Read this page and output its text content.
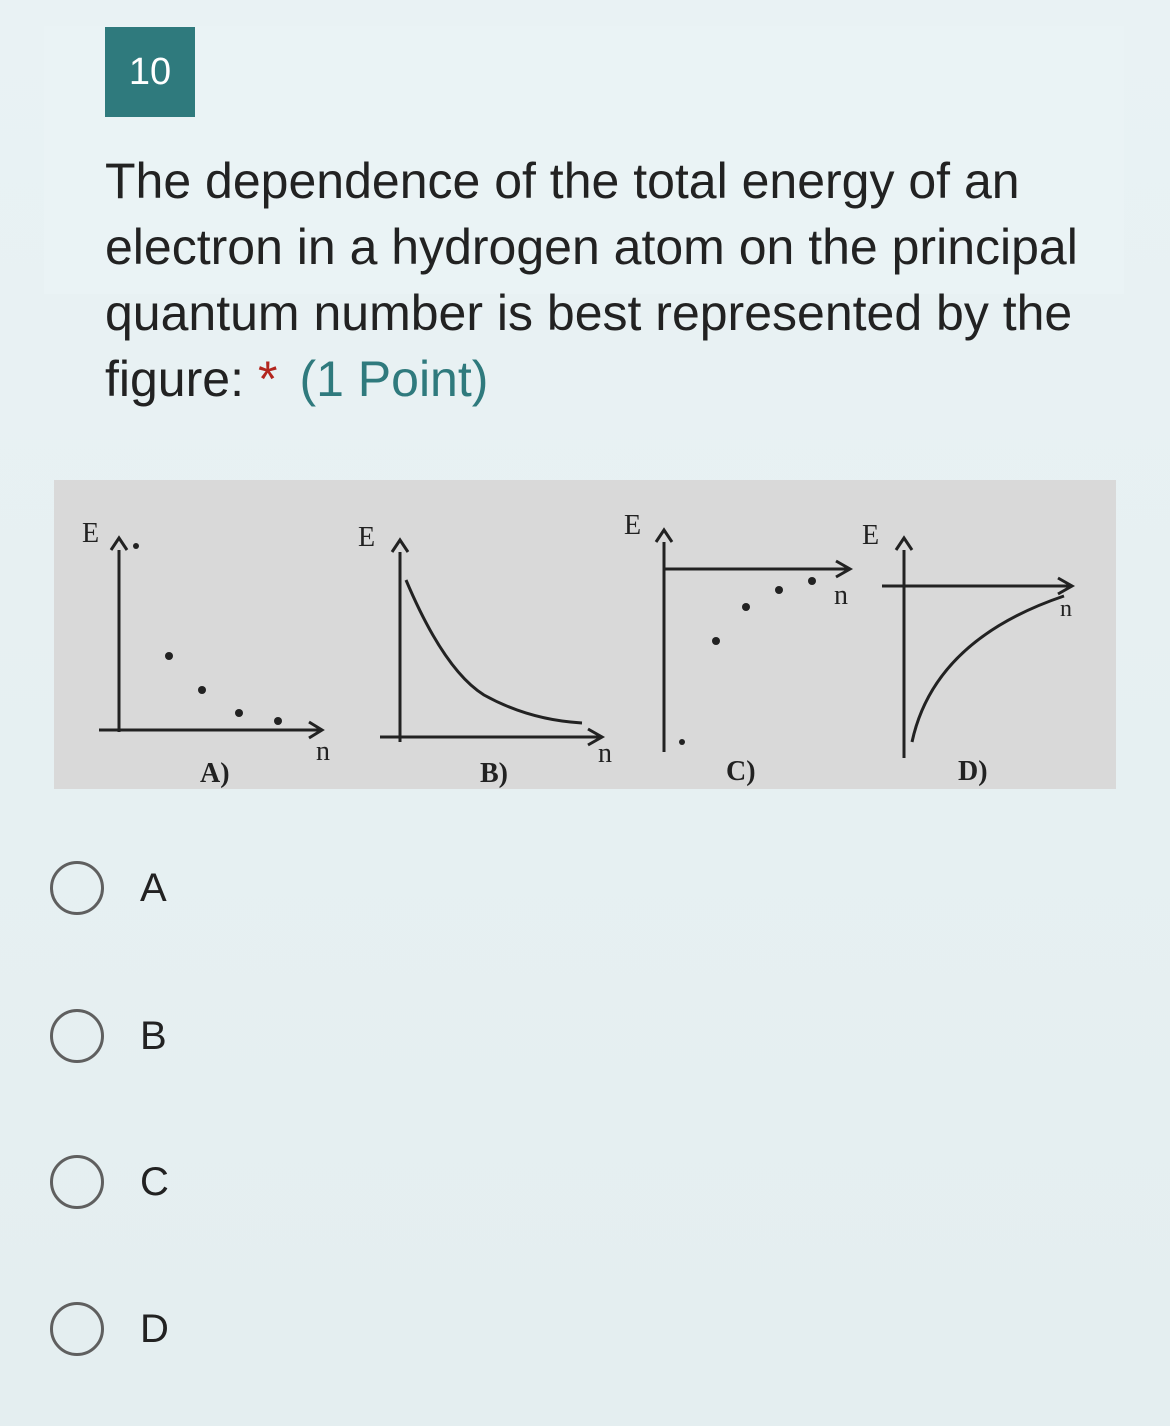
10
The dependence of the total energy of an electron in a hydrogen atom on the principal quantum number is best represented by the figure: * (1 Point)
E
n
A)
E
n
B)
E
n
C)
E
n
D)
A
B
C
D
